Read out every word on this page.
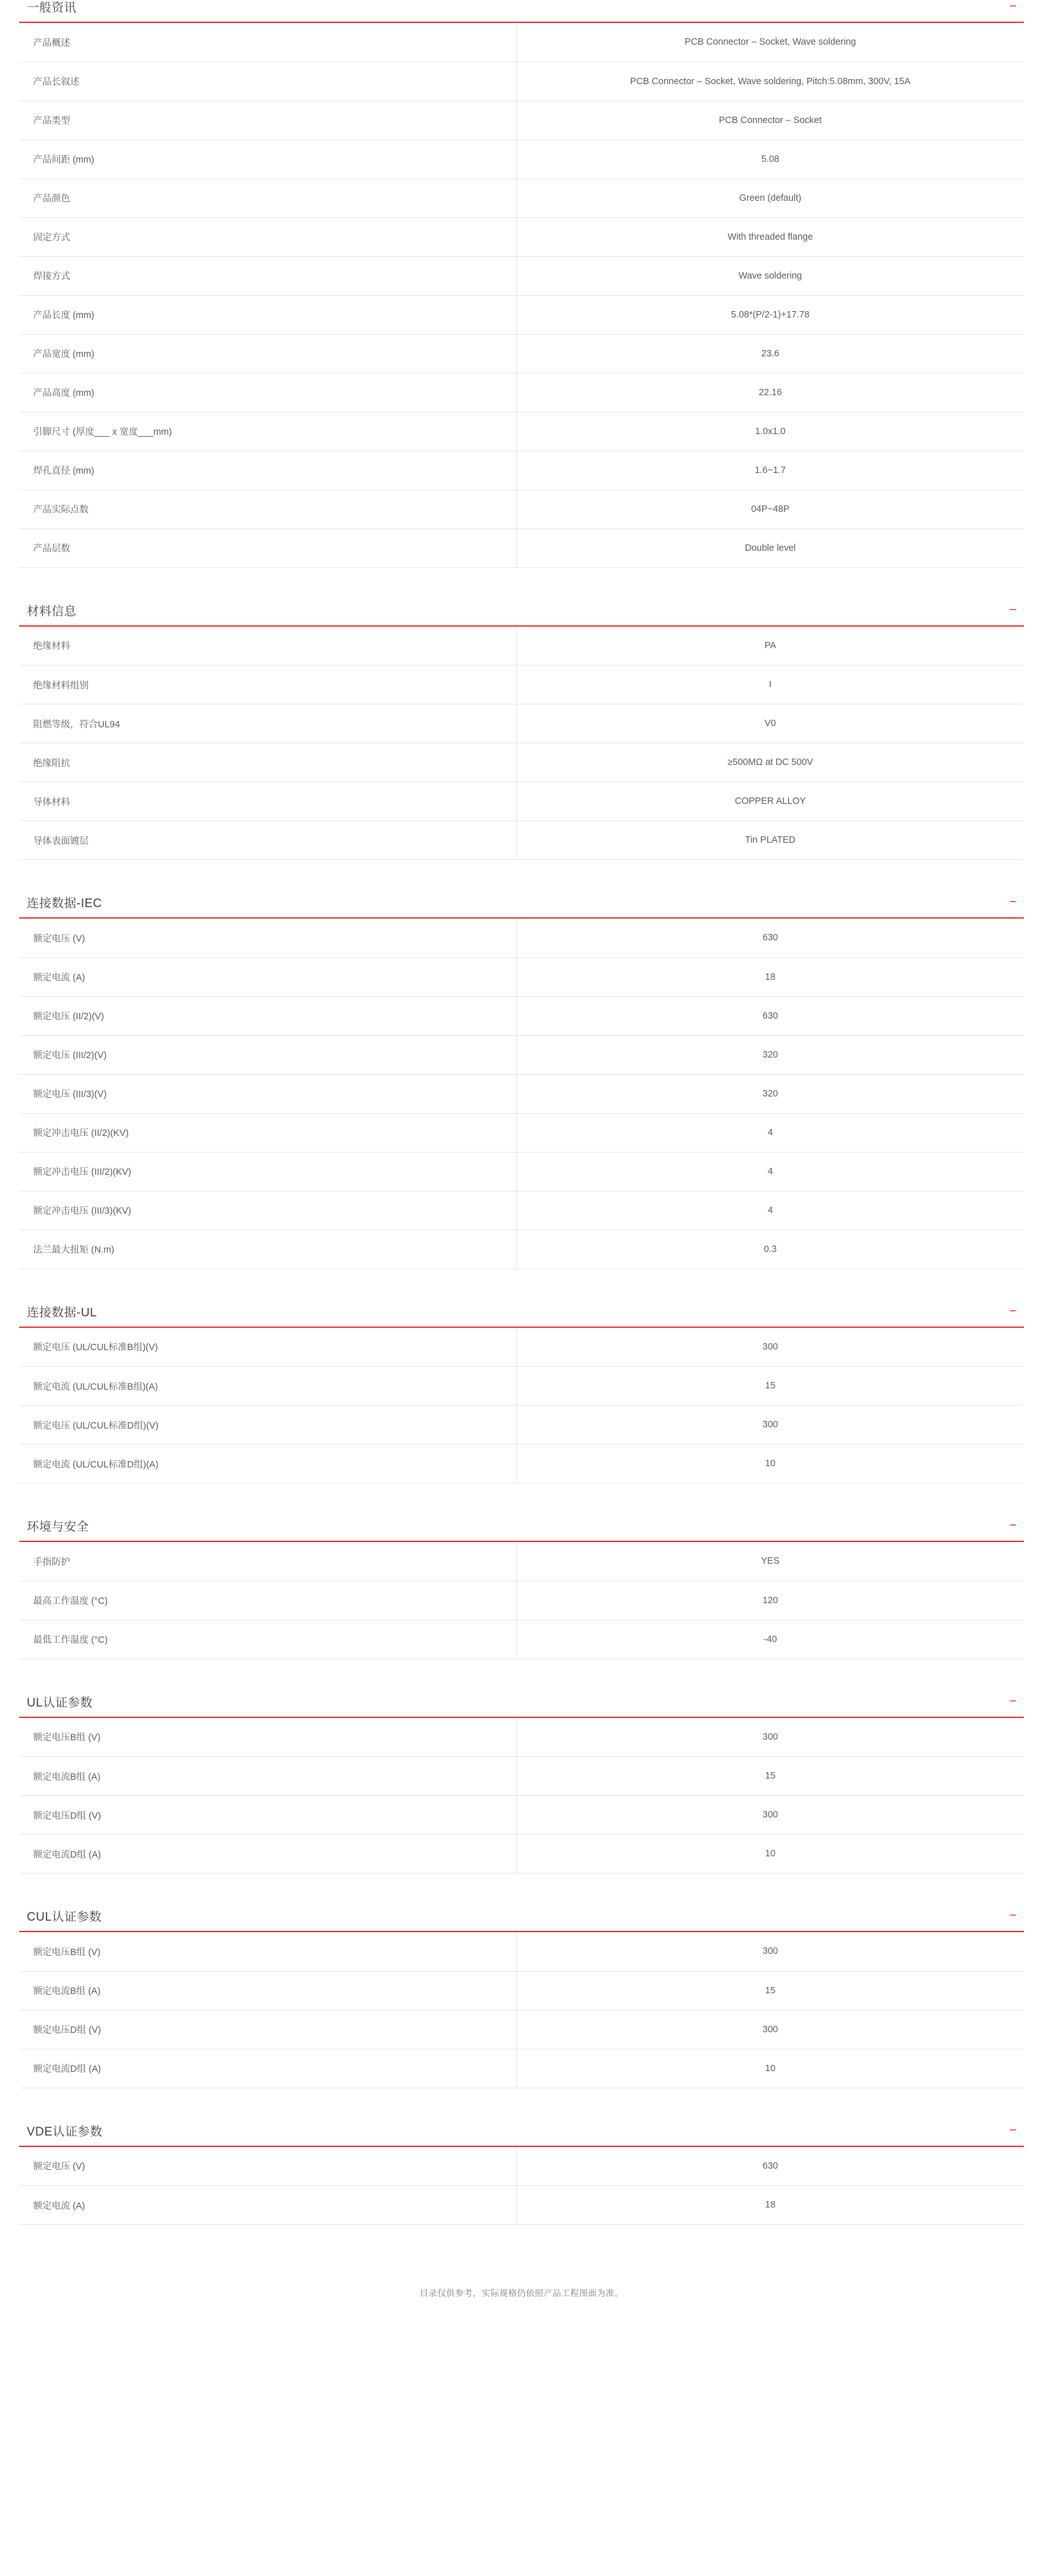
一般资讯	−
产品概述	PCB Connector – Socket, Wave soldering
产品长叙述	PCB Connector – Socket, Wave soldering, Pitch:5.08mm, 300V, 15A
产品类型	PCB Connector – Socket
产品间距 (mm)	5.08
产品颜色	Green (default)
固定方式	With threaded flange
焊接方式	Wave soldering
产品长度 (mm)	5.08*(P/2-1)+17.78
产品宽度 (mm)	23.6
产品高度 (mm)	22.16
引脚尺寸 (厚度___ x 宽度___mm)	1.0x1.0
焊孔直径 (mm)	1.6~1.7
产品实际点数	04P~48P
产品层数	Double level
材料信息	−
绝缘材料	PA
绝缘材料组别	I
阻燃等级，符合UL94	V0
绝缘阻抗	≥500MΩ at DC 500V
导体材料	COPPER ALLOY
导体表面镀层	Tin PLATED
连接数据-IEC	−
额定电压 (V)	630
额定电流 (A)	18
额定电压 (II/2)(V)	630
额定电压 (III/2)(V)	320
额定电压 (III/3)(V)	320
额定冲击电压 (II/2)(KV)	4
额定冲击电压 (III/2)(KV)	4
额定冲击电压 (III/3)(KV)	4
法兰最大扭矩 (N.m)	0.3
连接数据-UL	−
额定电压 (UL/CUL标准B组)(V)	300
额定电流 (UL/CUL标准B组)(A)	15
额定电压 (UL/CUL标准D组)(V)	300
额定电流 (UL/CUL标准D组)(A)	10
环境与安全	−
手指防护	YES
最高工作温度 (°C)	120
最低工作温度 (°C)	-40
UL认证参数	−
额定电压B组 (V)	300
额定电流B组 (A)	15
额定电压D组 (V)	300
额定电流D组 (A)	10
CUL认证参数	−
额定电压B组 (V)	300
额定电流B组 (A)	15
额定电压D组 (V)	300
额定电流D组 (A)	10
VDE认证参数	−
额定电压 (V)	630
额定电流 (A)	18
目录仅供参考，实际规格仍依照产品工程图面为准。
